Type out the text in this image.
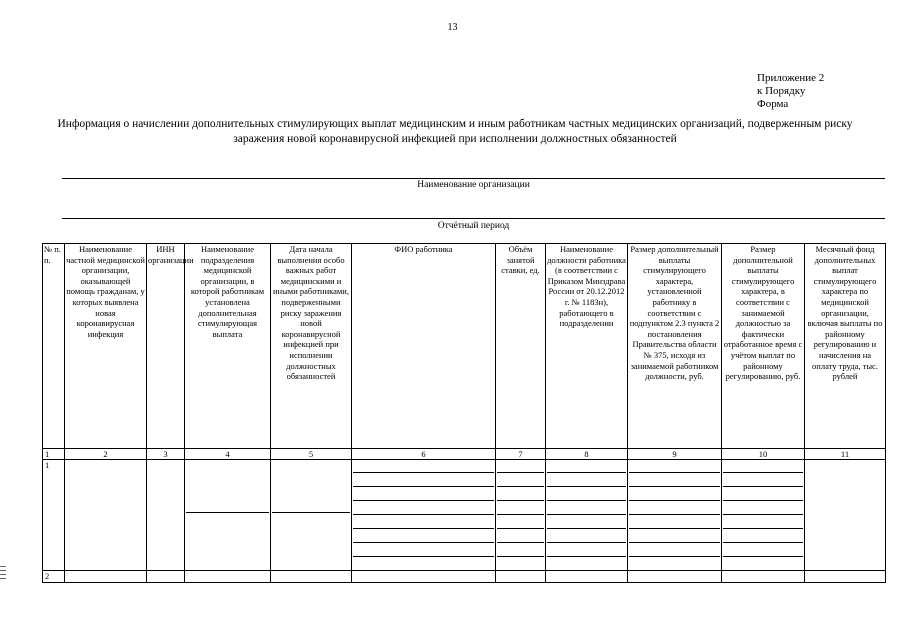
13
Приложение 2
к Порядку
Форма
Информация о начислении дополнительных стимулирующих выплат медицинским и иным работникам частных медицинских организаций, подверженным риску заражения новой коронавирусной инфекцией при исполнении должностных обязанностей
Наименование организации
Отчётный период
№ п. п.	Наименование частной медицинской организации, оказывающей помощь гражданам, у которых выявлена новая коронавирусная инфекция	ИНН организации	Наименование подразделения медицинской организации, в которой работникам установлена дополнительная стимулирующая выплата	Дата начала выполнения особо важных работ медицинскими и иными работниками, подверженными риску заражения новой коронавирусной инфекцией при исполнении должностных обязанностей	ФИО работника	Объём занятой ставки, ед.	Наименование должности работника (в соответствии с Приказом Минздрава России от 20.12.2012 г. № 1183н), работающего в подразделении	Размер дополнительный выплаты стимулирующего характера, установленной работнику в соответствии с подпунктом 2.3 пункта 2 постановления Правительства области № 375, исходя из занимаемой работником должности, руб.	Размер дополнительной выплаты стимулирующего характера, в соответствии с занимаемой должностью за фактически отработанное время с учётом выплат по районному регулированию, руб.	Месячный фонд дополнительных выплат стимулирующего характера по медицинской организации, включая выплаты по районному регулированию и начисления на оплату труда, тыс. рублей
1	2	3	4	5	6	7	8	9	10	11
1			

2										
